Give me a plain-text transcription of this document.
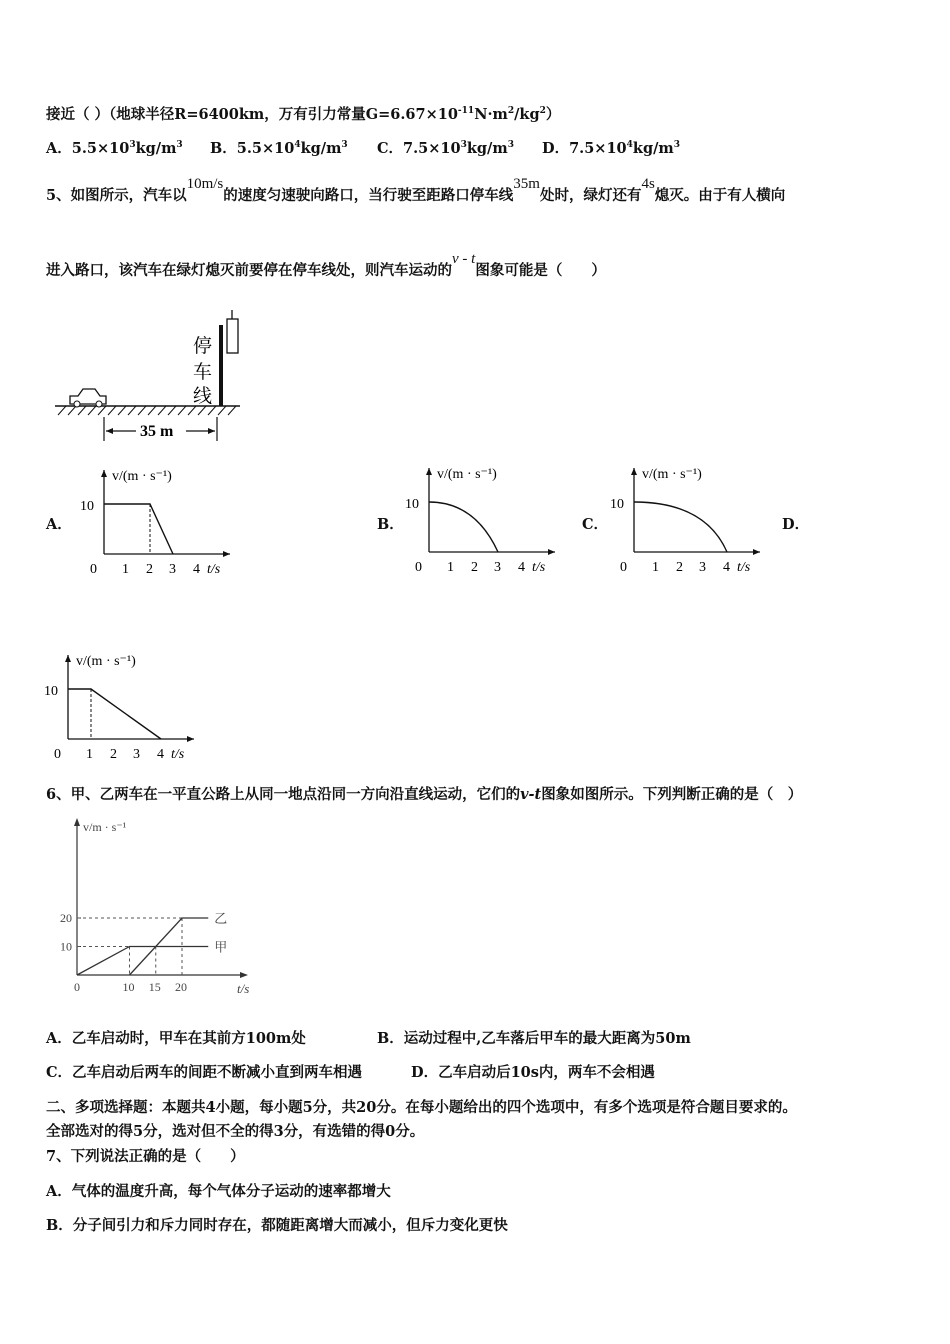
接近（ ）（地球半径R=6400km，万有引力常量$G=6.67\times 10^{-11}N\cdot m^2/kg^2$）
A．$5.5\times 10^3kg/m^3$ B．$5.5\times 10^4kg/m^3$ C．$7.5\times 10^3kg/m^3$ D．$7.5\times 10^4kg/m^3$
5、如图所示，汽车以10m/s的速度匀速驶向路口，当行驶至距路口停车线35m处时，绿灯还有4s熄灭。由于有人横向
进入路口，该汽车在绿灯熄灭前要停在停车线处，则汽车运动的v - t图象可能是（　　）
停
车
线
35 m
A．	B．	C．	D．
v/(m · s⁻¹)
10
0 1 2 3 4 t/s
v/(m · s⁻¹)
10
0 1 2 3 4 t/s
v/(m · s⁻¹)
10
0 1 2 3 4 t/s
v/(m · s⁻¹)
10
0 1 2 3 4 t/s
6、甲、乙两车在一平直公路上从同一地点沿同一方向沿直线运动，它们的v-t图象如图所示。下列判断正确的是（　）
v/m · s⁻¹
t/s
10
20
0	10 15 20
甲
乙
A．乙车启动时，甲车在其前方100m处	B．运动过程中,乙车落后甲车的最大距离为50m
C．乙车启动后两车的间距不断减小直到两车相遇	D．乙车启动后10s内，两车不会相遇
二、多项选择题：本题共4小题，每小题5分，共20分。在每小题给出的四个选项中，有多个选项是符合题目要求的。
全部选对的得5分，选对但不全的得3分，有选错的得0分。
7、下列说法正确的是（　　）
A．气体的温度升高，每个气体分子运动的速率都增大
B．分子间引力和斥力同时存在，都随距离增大而减小，但斥力变化更快
